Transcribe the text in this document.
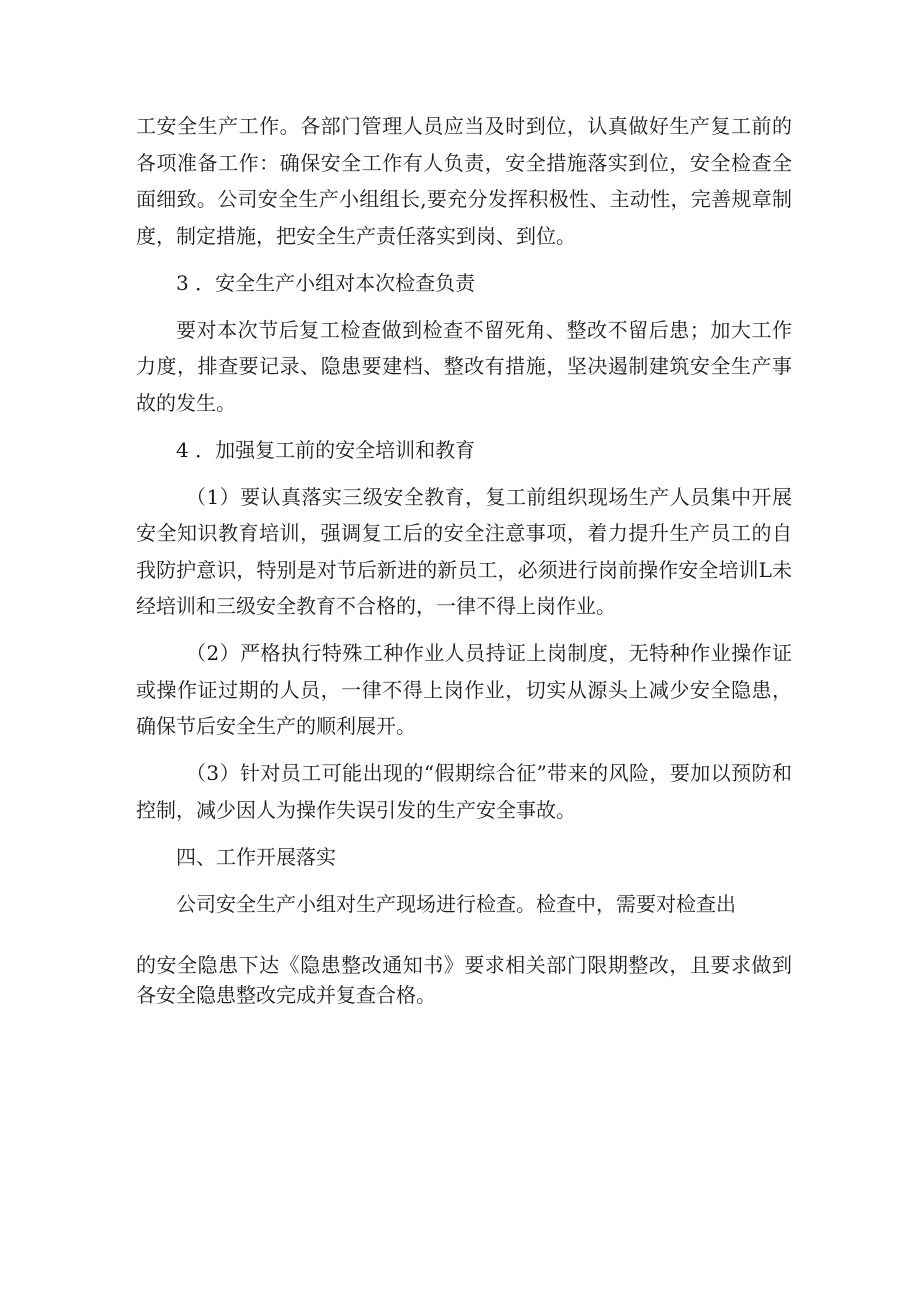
工安全生产工作。各部门管理人员应当及时到位，认真做好生产复工前的各项准备工作：确保安全工作有人负责，安全措施落实到位，安全检查全面细致。公司安全生产小组组长,要充分发挥积极性、主动性，完善规章制度，制定措施，把安全生产责任落实到岗、到位。

3 ．安全生产小组对本次检查负责

要对本次节后复工检查做到检查不留死角、整改不留后患；加大工作力度，排查要记录、隐患要建档、整改有措施，坚决遏制建筑安全生产事故的发生。

4 ．加强复工前的安全培训和教育

（1）要认真落实三级安全教育，复工前组织现场生产人员集中开展安全知识教育培训，强调复工后的安全注意事项，着力提升生产员工的自我防护意识，特别是对节后新进的新员工，必须进行岗前操作安全培训L未经培训和三级安全教育不合格的，一律不得上岗作业。

（2）严格执行特殊工种作业人员持证上岗制度，无特种作业操作证或操作证过期的人员，一律不得上岗作业，切实从源头上减少安全隐患，确保节后安全生产的顺利展开。

（3）针对员工可能出现的“假期综合征”带来的风险，要加以预防和控制，减少因人为操作失误引发的生产安全事故。

四、工作开展落实

公司安全生产小组对生产现场进行检查。检查中，需要对检查出

的安全隐患下达《隐患整改通知书》要求相关部门限期整改，且要求做到各安全隐患整改完成并复查合格。
